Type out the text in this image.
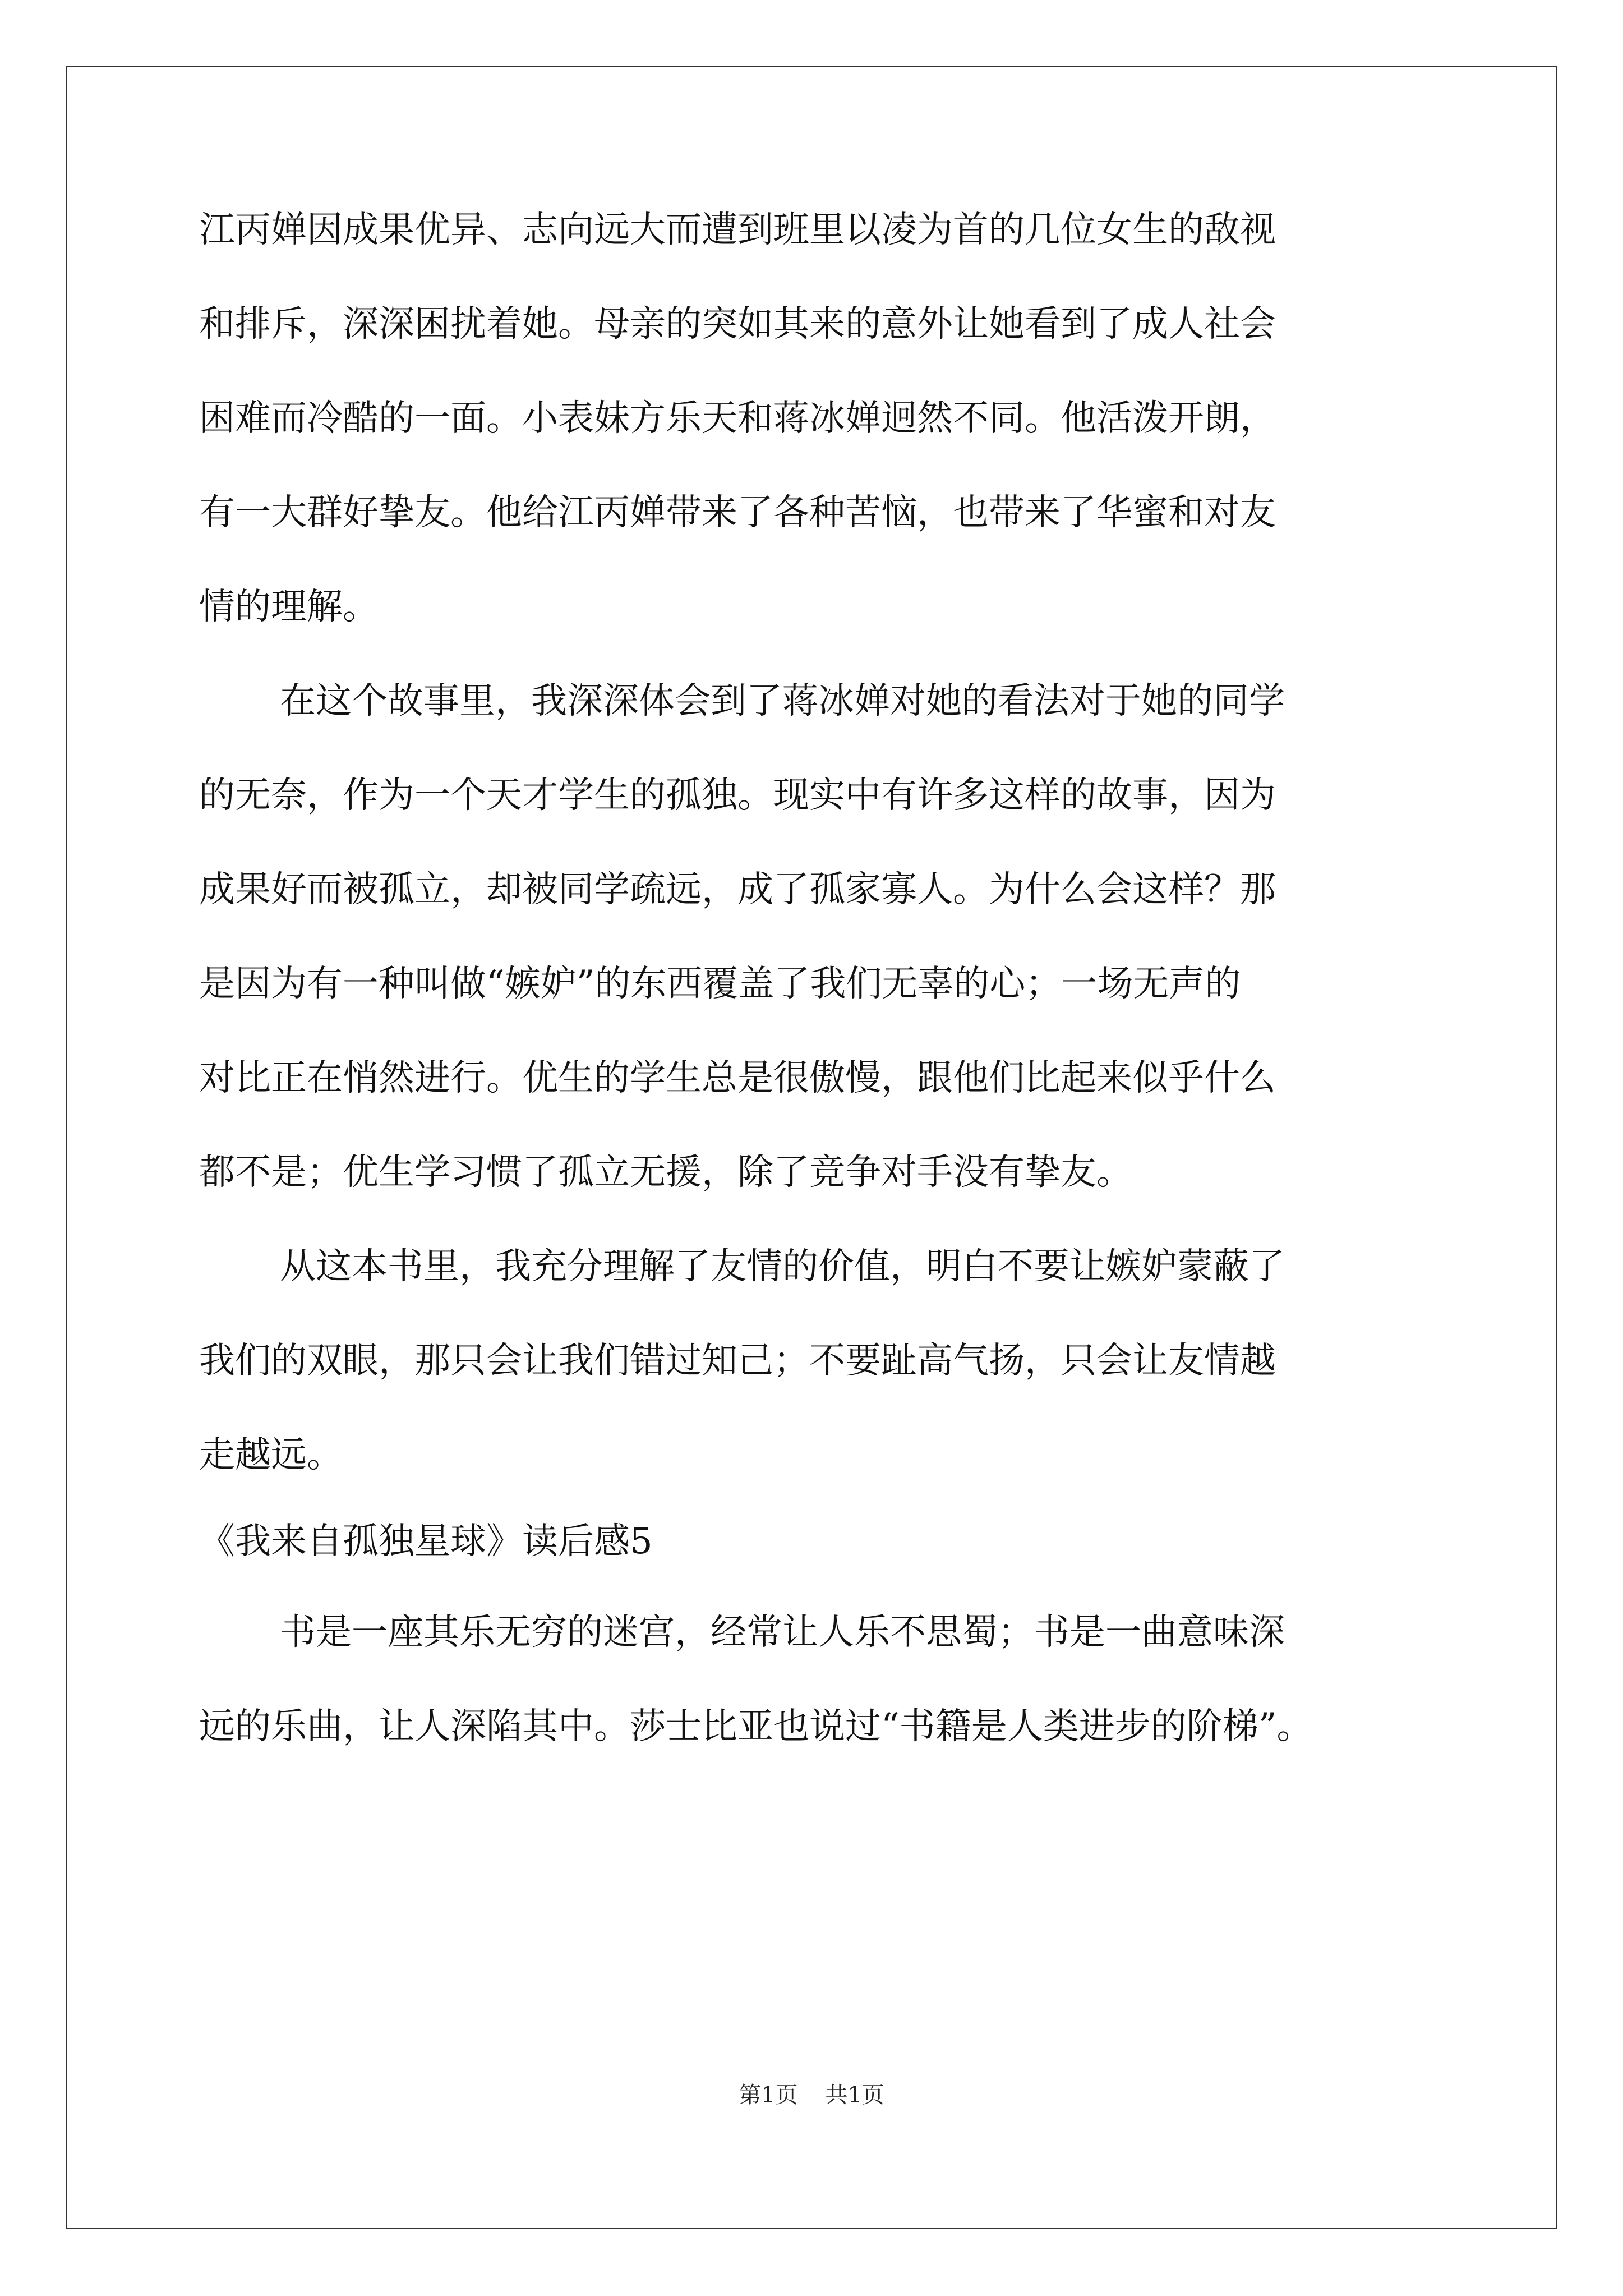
江丙婵因成果优异、志向远大而遭到班里以凌为首的几位女生的敌视
和排斥，深深困扰着她。母亲的突如其来的意外让她看到了成人社会
困难而冷酷的一面。小表妹方乐天和蒋冰婵迥然不同。他活泼开朗，
有一大群好挚友。他给江丙婵带来了各种苦恼，也带来了华蜜和对友
情的理解。
在这个故事里，我深深体会到了蒋冰婵对她的看法对于她的同学
的无奈，作为一个天才学生的孤独。现实中有许多这样的故事，因为
成果好而被孤立，却被同学疏远，成了孤家寡人。为什么会这样？那
是因为有一种叫做“嫉妒”的东西覆盖了我们无辜的心；一场无声的
对比正在悄然进行。优生的学生总是很傲慢，跟他们比起来似乎什么
都不是；优生学习惯了孤立无援，除了竞争对手没有挚友。
从这本书里，我充分理解了友情的价值，明白不要让嫉妒蒙蔽了
我们的双眼，那只会让我们错过知己；不要趾高气扬，只会让友情越
走越远。
《我来自孤独星球》读后感5
书是一座其乐无穷的迷宫，经常让人乐不思蜀；书是一曲意味深
远的乐曲，让人深陷其中。莎士比亚也说过“书籍是人类进步的阶梯”。
第1页 共1页
